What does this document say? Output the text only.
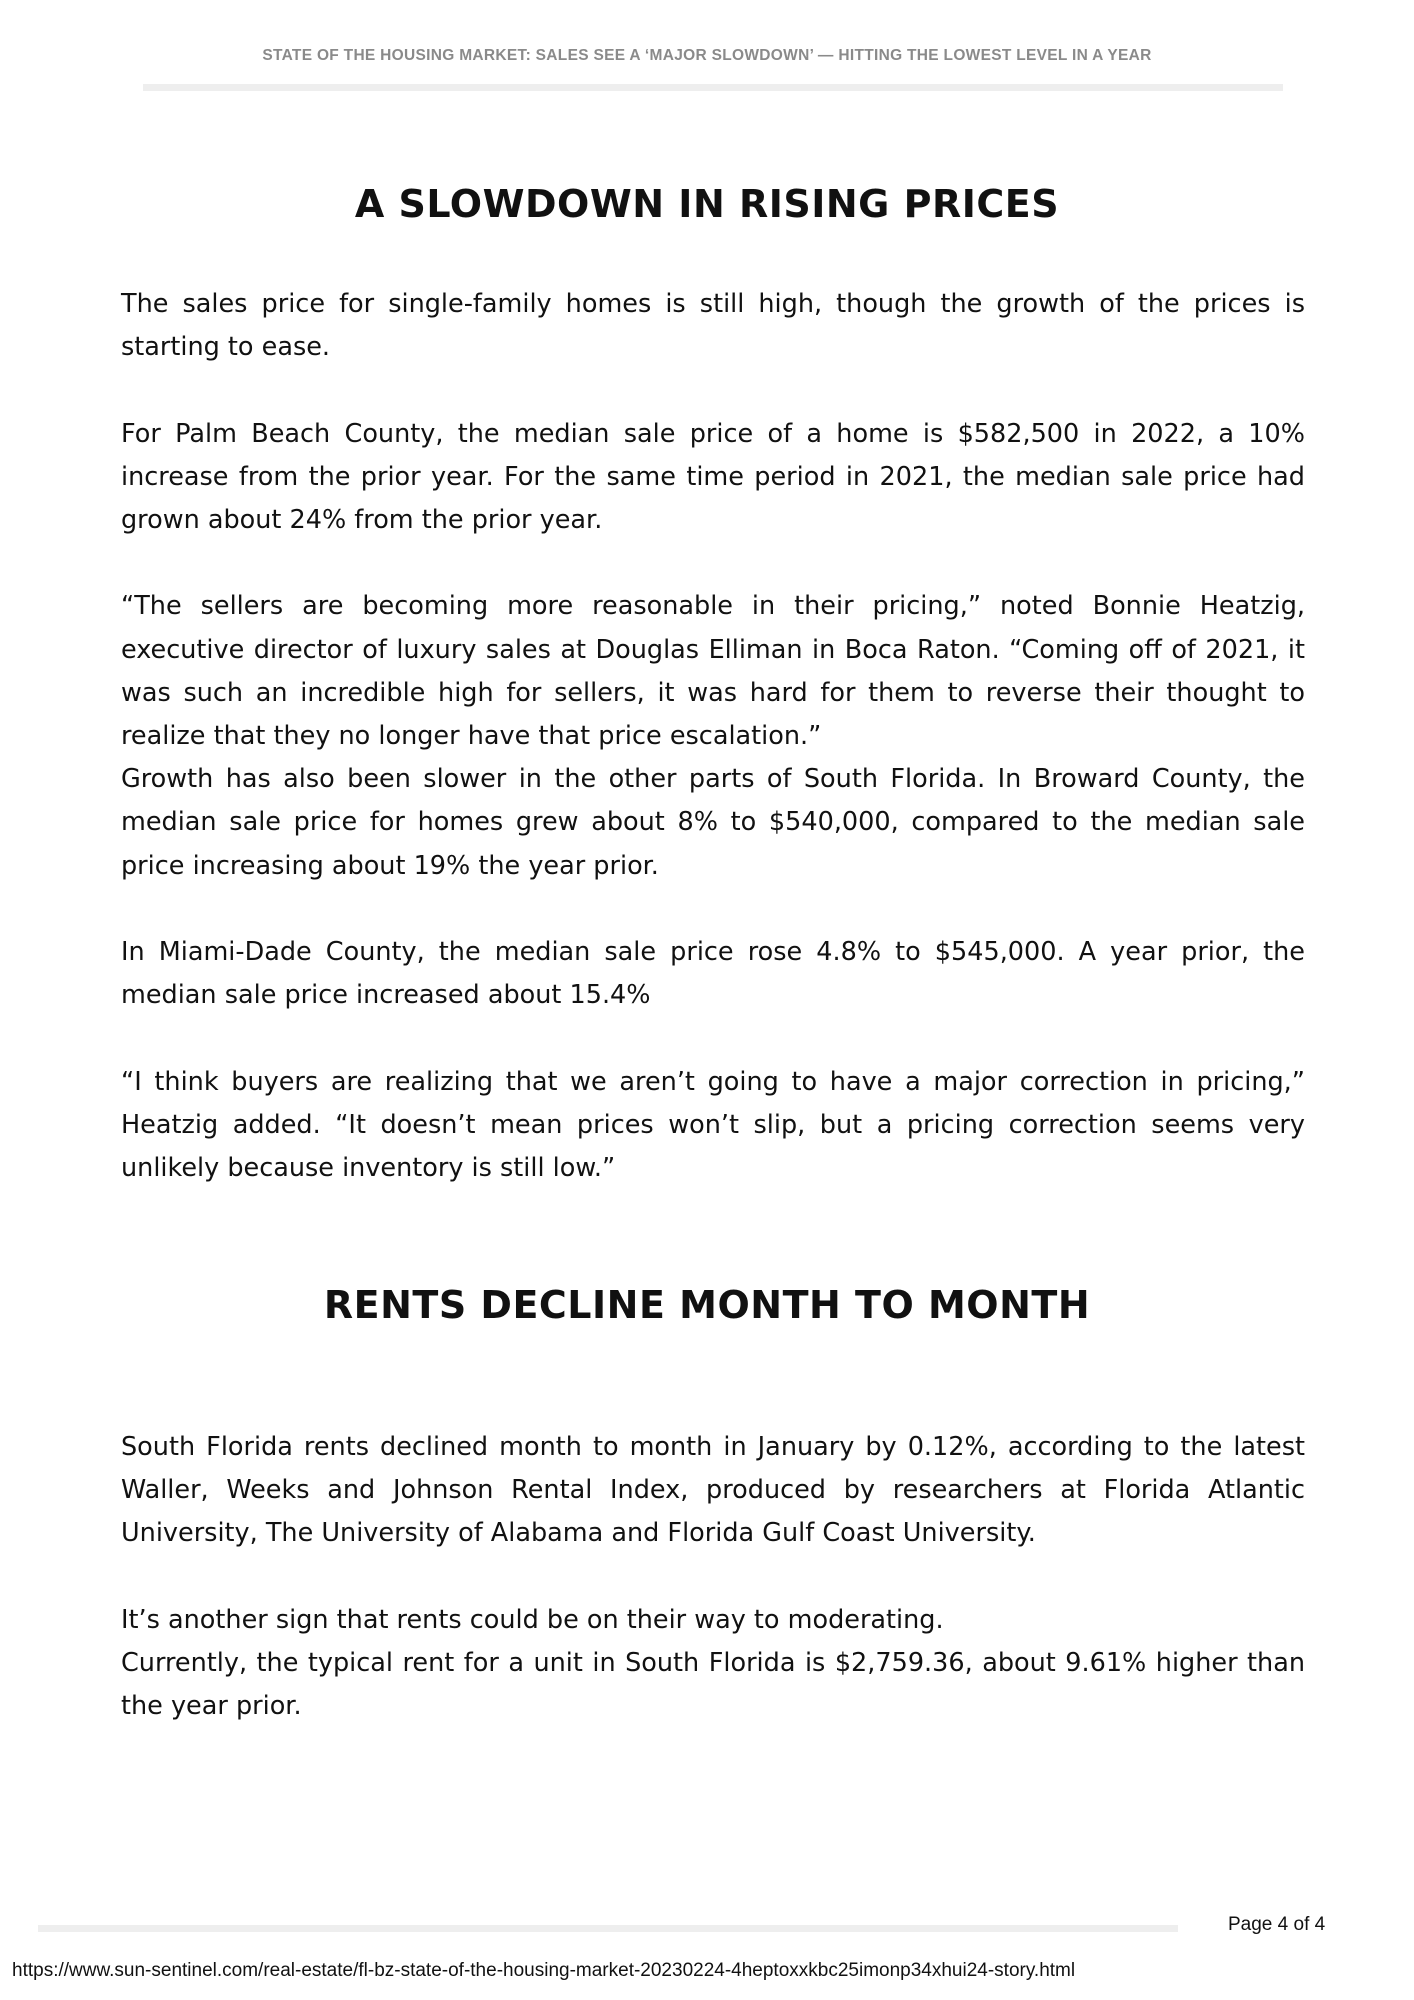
STATE OF THE HOUSING MARKET: SALES SEE A ‘MAJOR SLOWDOWN’ — HITTING THE LOWEST LEVEL IN A YEAR
A SLOWDOWN IN RISING PRICES

The sales price for single-family homes is still high, though the growth of the prices is starting to ease.

For Palm Beach County, the median sale price of a home is $582,500 in 2022, a 10% increase from the prior year. For the same time period in 2021, the median sale price had grown about 24% from the prior year.

“The sellers are becoming more reasonable in their pricing,” noted Bonnie Heatzig, executive director of luxury sales at Douglas Elliman in Boca Raton. “Coming off of 2021, it was such an incredible high for sellers, it was hard for them to reverse their thought to realize that they no longer have that price escalation.”

Growth has also been slower in the other parts of South Florida. In Broward County, the median sale price for homes grew about 8% to $540,000, compared to the median sale price increasing about 19% the year prior.

In Miami-Dade County, the median sale price rose 4.8% to $545,000. A year prior, the median sale price increased about 15.4%

“I think buyers are realizing that we aren’t going to have a major correction in pricing,” Heatzig added. “It doesn’t mean prices won’t slip, but a pricing correction seems very unlikely because inventory is still low.”

RENTS DECLINE MONTH TO MONTH

South Florida rents declined month to month in January by 0.12%, according to the latest Waller, Weeks and Johnson Rental Index, produced by researchers at Florida Atlantic University, The University of Alabama and Florida Gulf Coast University.

It’s another sign that rents could be on their way to moderating.

Currently, the typical rent for a unit in South Florida is $2,759.36, about 9.61% higher than the year prior.

Page 4 of 4
https://www.sun-sentinel.com/real-estate/fl-bz-state-of-the-housing-market-20230224-4heptoxxkbc25imonp34xhui24-story.html
